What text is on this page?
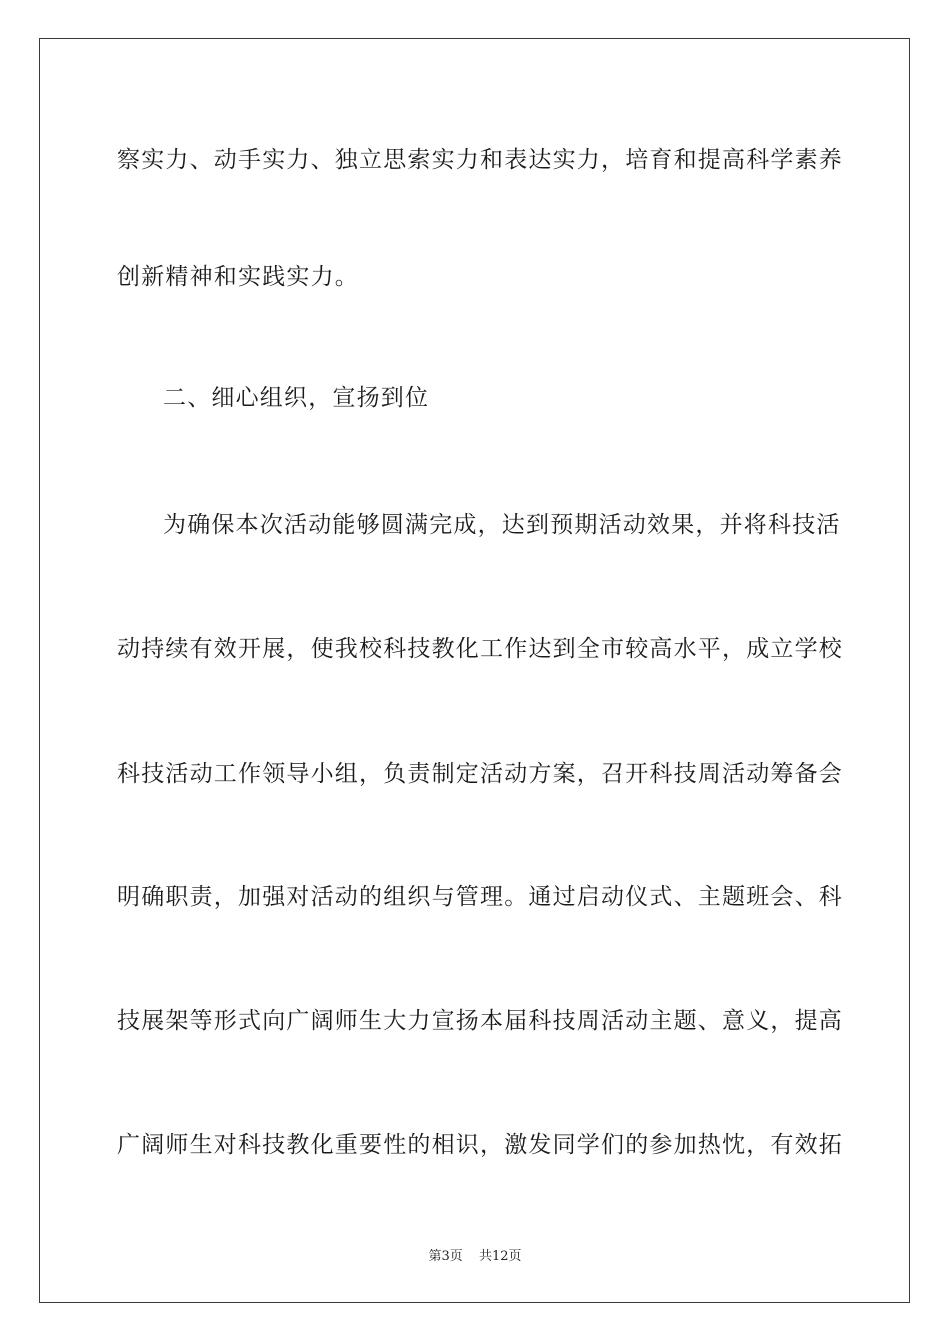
察实力、动手实力、独立思索实力和表达实力，培育和提高科学素养
创新精神和实践实力。
二、细心组织，宣扬到位
为确保本次活动能够圆满完成，达到预期活动效果，并将科技活
动持续有效开展，使我校科技教化工作达到全市较高水平，成立学校
科技活动工作领导小组，负责制定活动方案，召开科技周活动筹备会
明确职责，加强对活动的组织与管理。通过启动仪式、主题班会、科
技展架等形式向广阔师生大力宣扬本届科技周活动主题、意义，提高
广阔师生对科技教化重要性的相识，激发同学们的参加热忱，有效拓
第3页 共12页
